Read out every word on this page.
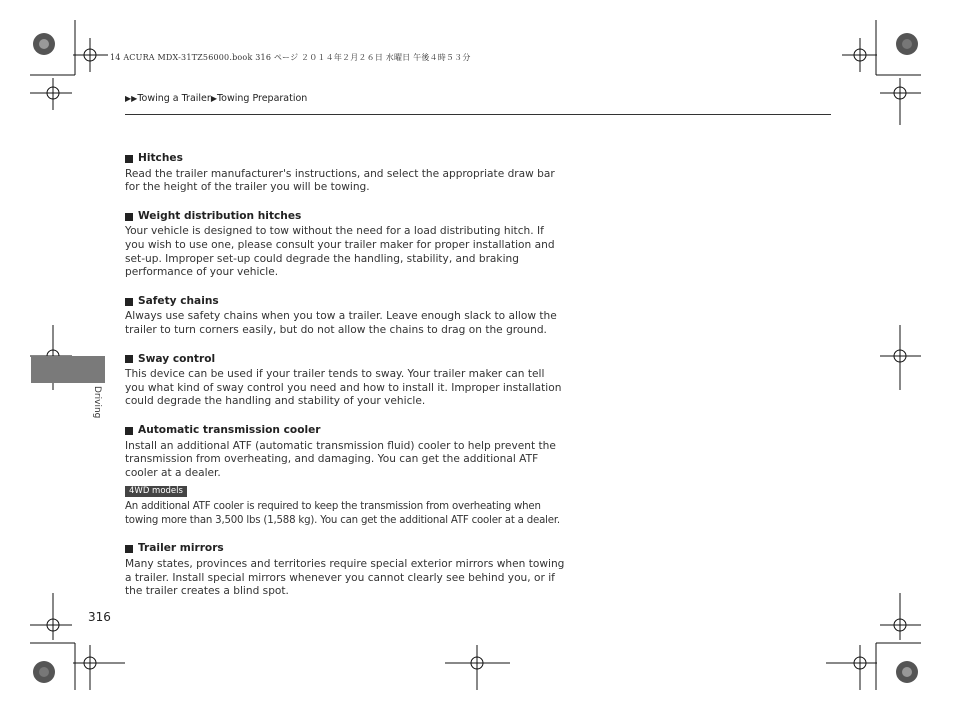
14 ACURA MDX-31TZ56000.book 316 ページ ２０１４年２月２６日 水曜日 午後４時５３分
▶▶Towing a Trailer▶Towing Preparation
Driving
Hitches

Read the trailer manufacturer's instructions, and select the appropriate draw bar for the height of the trailer you will be towing.

Weight distribution hitches

Your vehicle is designed to tow without the need for a load distributing hitch. If you wish to use one, please consult your trailer maker for proper installation and set-up. Improper set-up could degrade the handling, stability, and braking performance of your vehicle.

Safety chains

Always use safety chains when you tow a trailer. Leave enough slack to allow the trailer to turn corners easily, but do not allow the chains to drag on the ground.

Sway control

This device can be used if your trailer tends to sway. Your trailer maker can tell you what kind of sway control you need and how to install it. Improper installation could degrade the handling and stability of your vehicle.

Automatic transmission cooler

Install an additional ATF (automatic transmission fluid) cooler to help prevent the transmission from overheating, and damaging. You can get the additional ATF cooler at a dealer.

4WD models

An additional ATF cooler is required to keep the transmission from overheating when towing more than 3,500 lbs (1,588 kg). You can get the additional ATF cooler at a dealer.

Trailer mirrors

Many states, provinces and territories require special exterior mirrors when towing a trailer. Install special mirrors whenever you cannot clearly see behind you, or if the trailer creates a blind spot.

316
